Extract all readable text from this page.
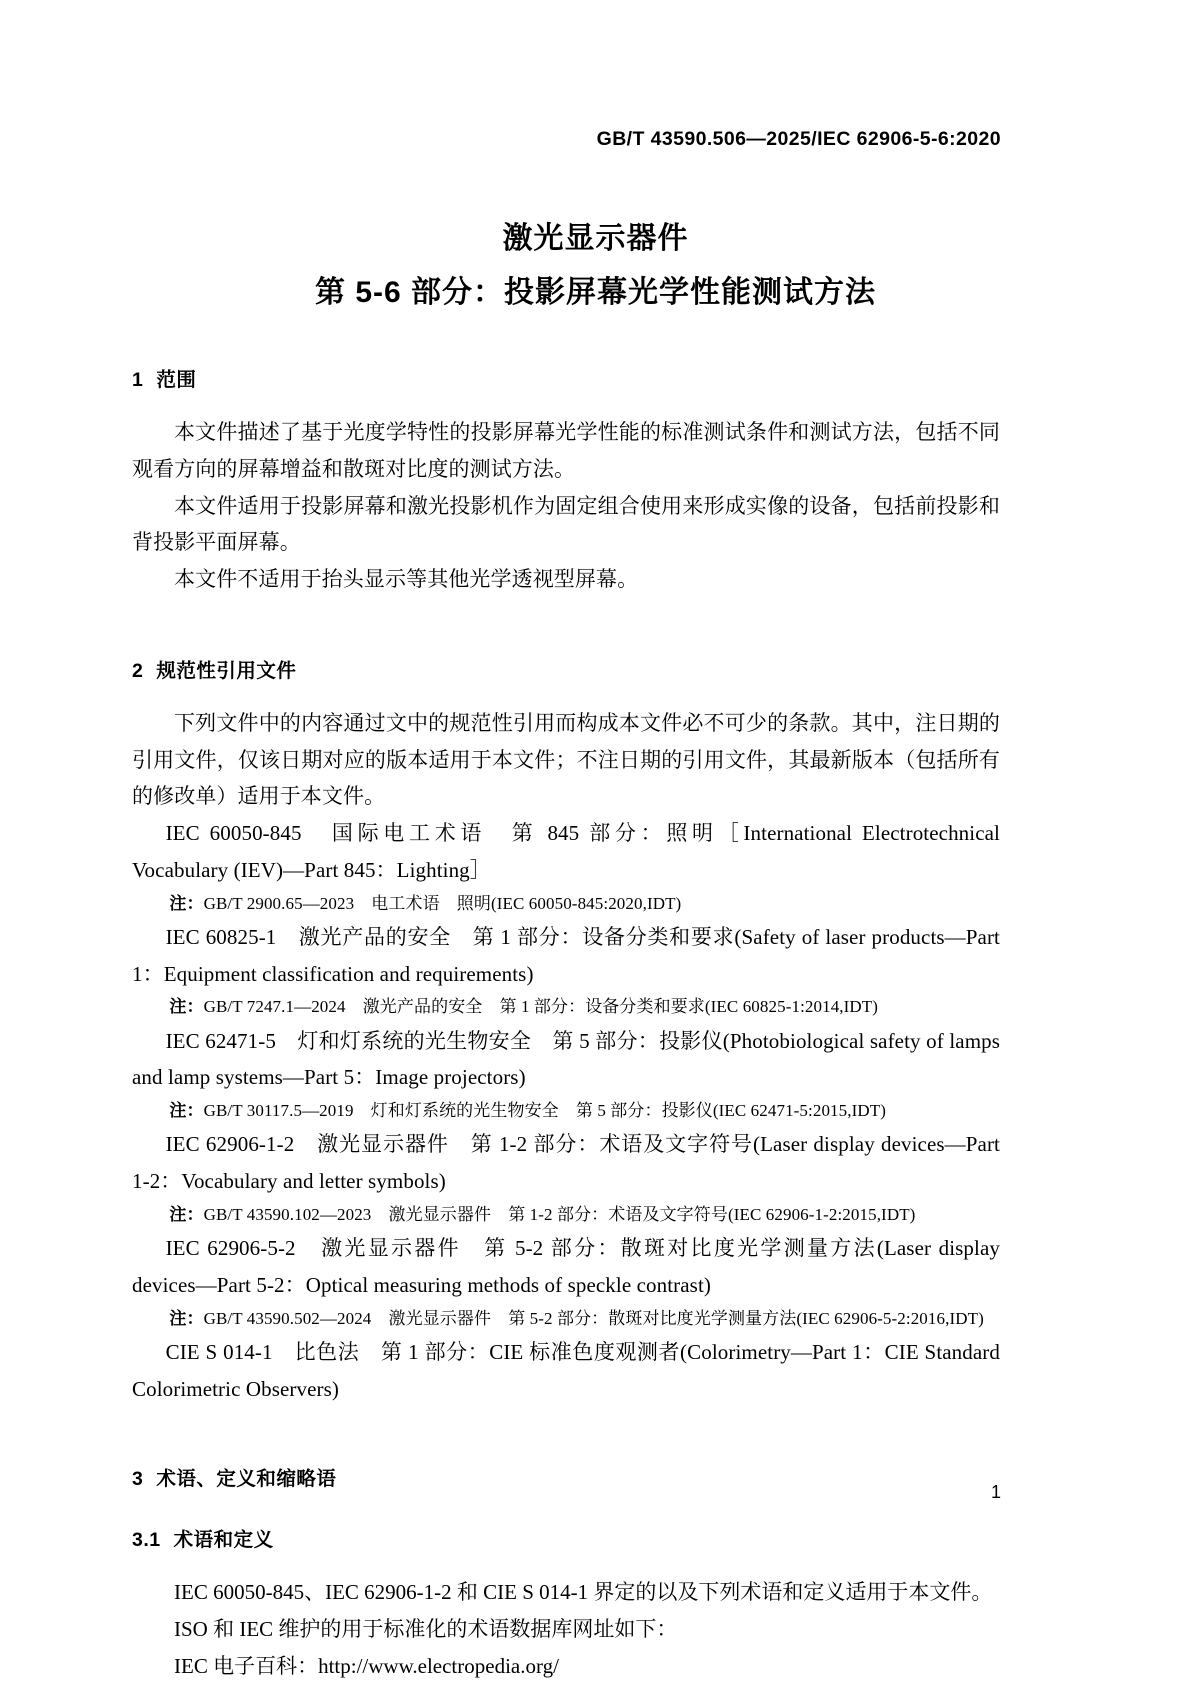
GB/T 43590.506—2025/IEC 62906-5-6:2020
激光显示器件
第 5-6 部分：投影屏幕光学性能测试方法
1 范围

本文件描述了基于光度学特性的投影屏幕光学性能的标准测试条件和测试方法，包括不同观看方向的屏幕增益和散斑对比度的测试方法。

本文件适用于投影屏幕和激光投影机作为固定组合使用来形成实像的设备，包括前投影和背投影平面屏幕。

本文件不适用于抬头显示等其他光学透视型屏幕。

2 规范性引用文件

下列文件中的内容通过文中的规范性引用而构成本文件必不可少的条款。其中，注日期的引用文件，仅该日期对应的版本适用于本文件；不注日期的引用文件，其最新版本（包括所有的修改单）适用于本文件。

IEC 60050-845　国际电工术语　第 845 部分：照明［International Electrotechnical Vocabulary (IEV)—Part 845：Lighting］

注：GB/T 2900.65—2023　电工术语　照明(IEC 60050-845:2020,IDT)

IEC 60825-1　激光产品的安全　第 1 部分：设备分类和要求(Safety of laser products—Part 1：Equipment classification and requirements)

注：GB/T 7247.1—2024　激光产品的安全　第 1 部分：设备分类和要求(IEC 60825-1:2014,IDT)

IEC 62471-5　灯和灯系统的光生物安全　第 5 部分：投影仪(Photobiological safety of lamps and lamp systems—Part 5：Image projectors)

注：GB/T 30117.5—2019　灯和灯系统的光生物安全　第 5 部分：投影仪(IEC 62471-5:2015,IDT)

IEC 62906-1-2　激光显示器件　第 1-2 部分：术语及文字符号(Laser display devices—Part 1-2：Vocabulary and letter symbols)

注：GB/T 43590.102—2023　激光显示器件　第 1-2 部分：术语及文字符号(IEC 62906-1-2:2015,IDT)

IEC 62906-5-2　激光显示器件　第 5-2 部分：散斑对比度光学测量方法(Laser display devices—Part 5-2：Optical measuring methods of speckle contrast)

注：GB/T 43590.502—2024　激光显示器件　第 5-2 部分：散斑对比度光学测量方法(IEC 62906-5-2:2016,IDT)

CIE S 014-1　比色法　第 1 部分：CIE 标准色度观测者(Colorimetry—Part 1：CIE Standard Colorimetric Observers)

3 术语、定义和缩略语
3.1 术语和定义

IEC 60050-845、IEC 62906-1-2 和 CIE S 014-1 界定的以及下列术语和定义适用于本文件。

ISO 和 IEC 维护的用于标准化的术语数据库网址如下：

IEC 电子百科：http://www.electropedia.org/

1
